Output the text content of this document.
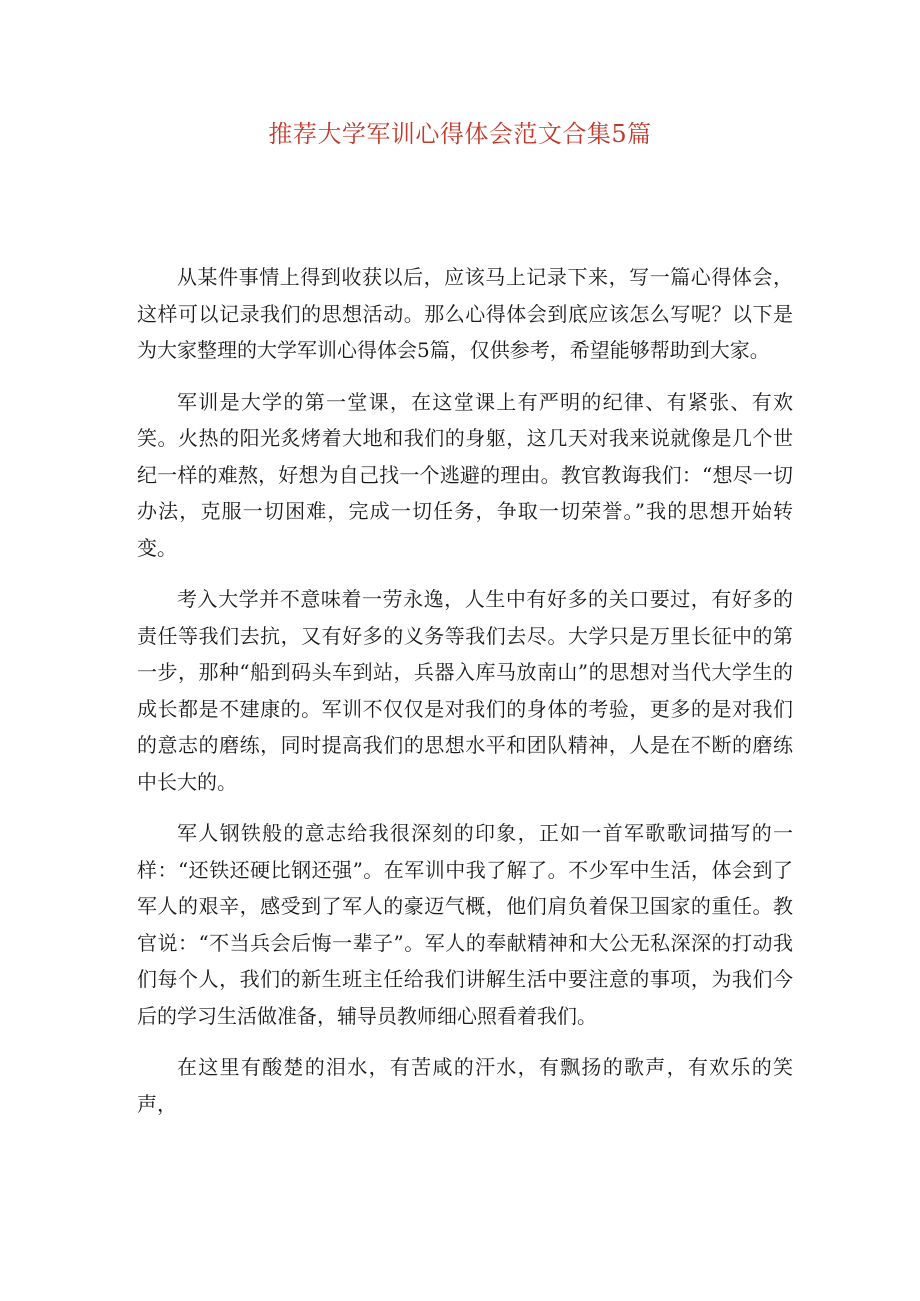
推荐大学军训心得体会范文合集5篇

从某件事情上得到收获以后，应该马上记录下来，写一篇心得体会，这样可以记录我们的思想活动。那么心得体会到底应该怎么写呢？以下是为大家整理的大学军训心得体会5篇，仅供参考，希望能够帮助到大家。

军训是大学的第一堂课，在这堂课上有严明的纪律、有紧张、有欢笑。火热的阳光炙烤着大地和我们的身躯，这几天对我来说就像是几个世纪一样的难熬，好想为自己找一个逃避的理由。教官教诲我们：“想尽一切办法，克服一切困难，完成一切任务，争取一切荣誉。”我的思想开始转变。

考入大学并不意味着一劳永逸，人生中有好多的关口要过，有好多的责任等我们去抗，又有好多的义务等我们去尽。大学只是万里长征中的第一步，那种“船到码头车到站，兵器入库马放南山”的思想对当代大学生的成长都是不建康的。军训不仅仅是对我们的身体的考验，更多的是对我们的意志的磨练，同时提高我们的思想水平和团队精神，人是在不断的磨练中长大的。

军人钢铁般的意志给我很深刻的印象，正如一首军歌歌词描写的一样：“还铁还硬比钢还强”。在军训中我了解了。不少军中生活，体会到了军人的艰辛，感受到了军人的豪迈气概，他们肩负着保卫国家的重任。教官说：“不当兵会后悔一辈子”。军人的奉献精神和大公无私深深的打动我们每个人，我们的新生班主任给我们讲解生活中要注意的事项，为我们今后的学习生活做准备，辅导员教师细心照看着我们。

在这里有酸楚的泪水，有苦咸的汗水，有飘扬的歌声，有欢乐的笑声，
